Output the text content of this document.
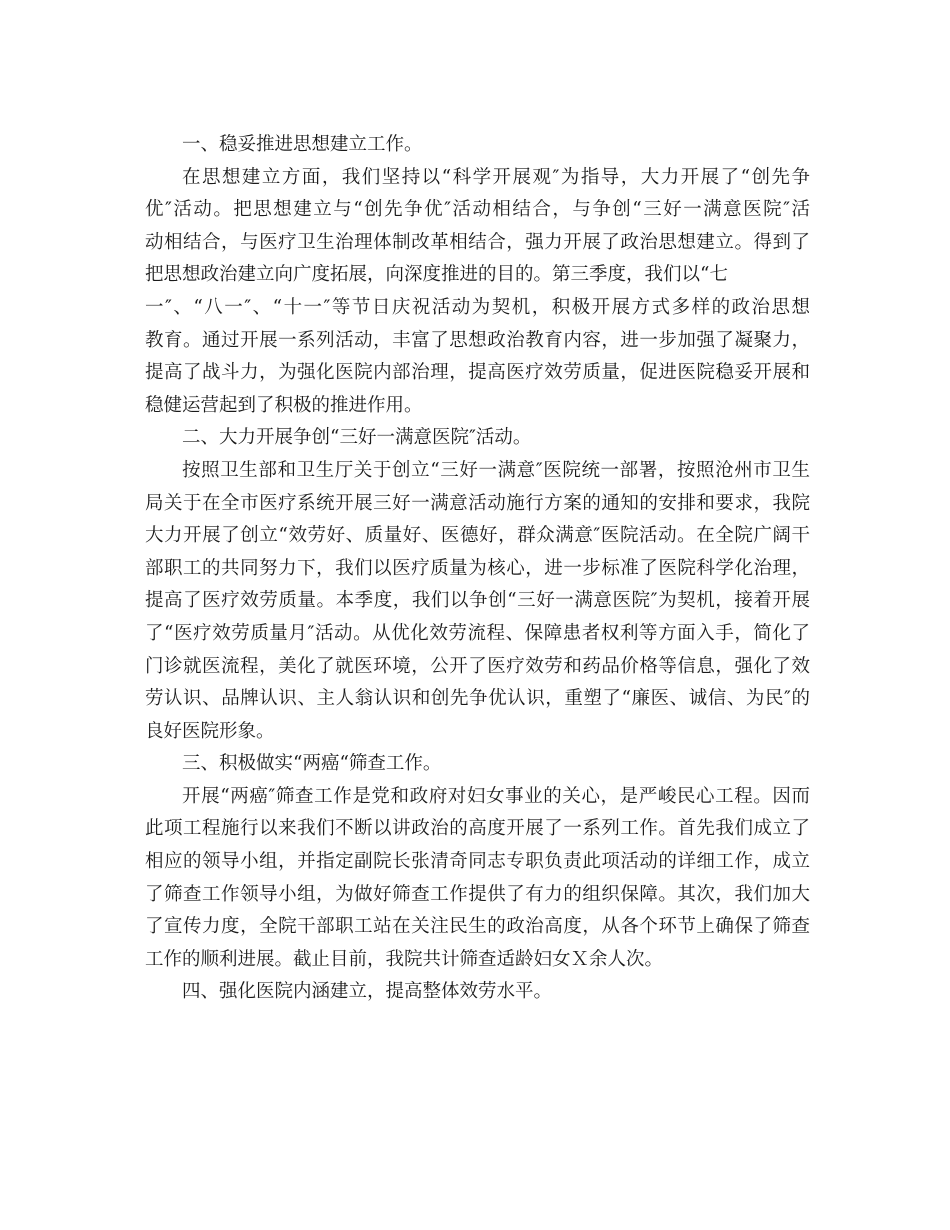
一、稳妥推进思想建立工作。
在思想建立方面，我们坚持以“科学开展观″为指导，大力开展了“创先争
优″活动。把思想建立与“创先争优″活动相结合，与争创“三好一满意医院″活
动相结合，与医疗卫生治理体制改革相结合，强力开展了政治思想建立。得到了
把思想政治建立向广度拓展，向深度推进的目的。第三季度，我们以“七
一″、“八一″、“十一″等节日庆祝活动为契机，积极开展方式多样的政治思想
教育。通过开展一系列活动，丰富了思想政治教育内容，进一步加强了凝聚力，
提高了战斗力，为强化医院内部治理，提高医疗效劳质量，促进医院稳妥开展和
稳健运营起到了积极的推进作用。
二、大力开展争创“三好一满意医院″活动。
按照卫生部和卫生厅关于创立“三好一满意″医院统一部署，按照沧州市卫生
局关于在全市医疗系统开展三好一满意活动施行方案的通知的安排和要求，我院
大力开展了创立“效劳好、质量好、医德好，群众满意″医院活动。在全院广阔干
部职工的共同努力下，我们以医疗质量为核心，进一步标准了医院科学化治理，
提高了医疗效劳质量。本季度，我们以争创“三好一满意医院″为契机，接着开展
了“医疗效劳质量月″活动。从优化效劳流程、保障患者权利等方面入手，简化了
门诊就医流程，美化了就医环境，公开了医疗效劳和药品价格等信息，强化了效
劳认识、品牌认识、主人翁认识和创先争优认识，重塑了“廉医、诚信、为民″的
良好医院形象。
三、积极做实“两癌“筛查工作。
开展“两癌″筛查工作是党和政府对妇女事业的关心，是严峻民心工程。因而
此项工程施行以来我们不断以讲政治的高度开展了一系列工作。首先我们成立了
相应的领导小组，并指定副院长张清奇同志专职负责此项活动的详细工作，成立
了筛查工作领导小组，为做好筛查工作提供了有力的组织保障。其次，我们加大
了宣传力度，全院干部职工站在关注民生的政治高度，从各个环节上确保了筛查
工作的顺利进展。截止目前，我院共计筛查适龄妇女Ｘ余人次。
四、强化医院内涵建立，提高整体效劳水平。
